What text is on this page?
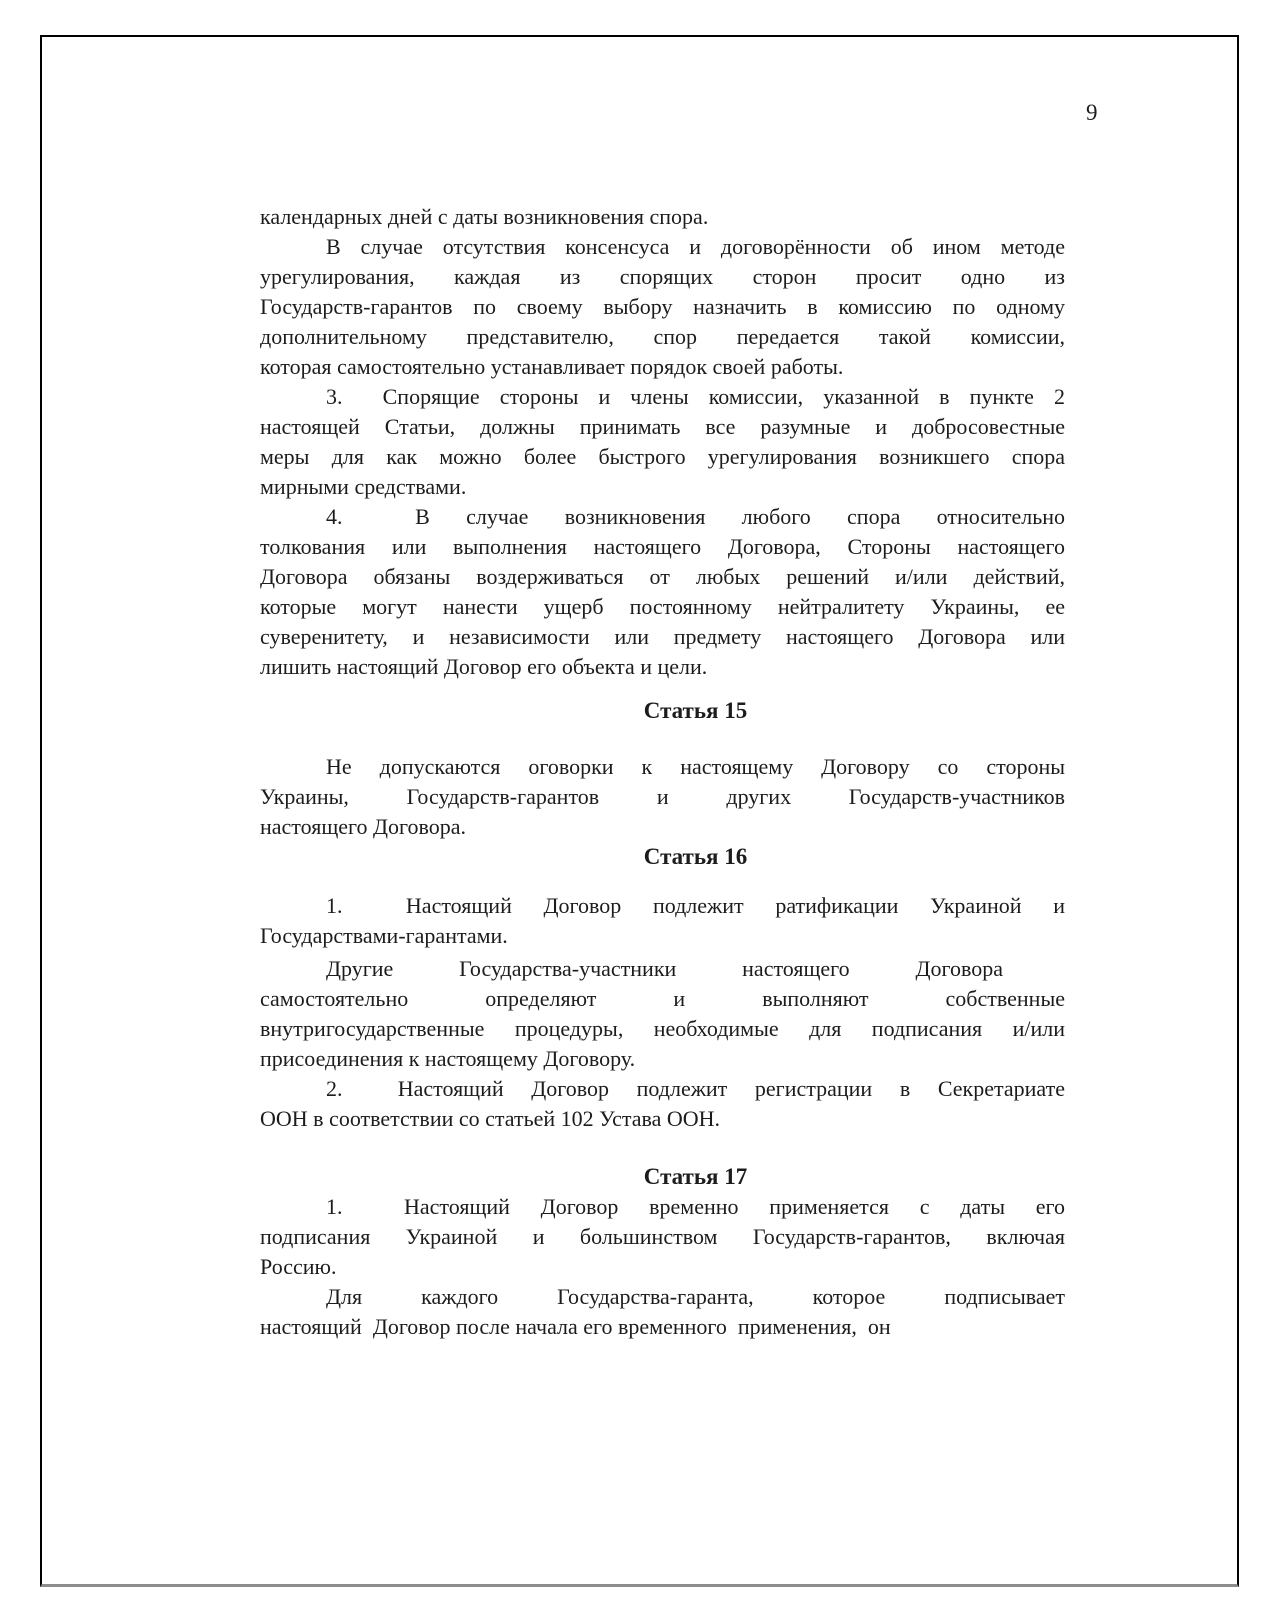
9
календарных дней с даты возникновения спора.
В случае отсутствия консенсуса и договорённости об ином методе
урегулирования, каждая из спорящих сторон просит одно из
Государств-гарантов по своему выбору назначить в комиссию по одному
дополнительному представителю, спор передается такой комиссии,
которая самостоятельно устанавливает порядок своей работы.
3.  Спорящие стороны и члены комиссии, указанной в пункте 2
настоящей Статьи, должны принимать все разумные и добросовестные
меры для как можно более быстрого урегулирования возникшего спора
мирными средствами.
4.  В случае возникновения любого спора относительно
толкования или выполнения настоящего Договора, Стороны настоящего
Договора обязаны воздерживаться от любых решений и/или действий,
которые могут нанести ущерб постоянному нейтралитету Украины, ее
суверенитету, и независимости или предмету настоящего Договора или
лишить настоящий Договор его объекта и цели.
Статья 15
Не допускаются оговорки к настоящему Договору со стороны
Украины, Государств-гарантов и других Государств-участников
настоящего Договора.
Статья 16
1.  Настоящий Договор подлежит ратификации Украиной и
Государствами-гарантами.
Другие Государства-участники настоящего Договора
самостоятельно определяют и выполняют собственные
внутригосударственные процедуры, необходимые для подписания и/или
присоединения к настоящему Договору.
2.  Настоящий Договор подлежит регистрации в Секретариате
ООН в соответствии со статьей 102 Устава ООН.
Статья 17
1.  Настоящий Договор временно применяется с даты его
подписания Украиной и большинством Государств-гарантов, включая
Россию.
Для каждого Государства-гаранта, которое подписывает
настоящий  Договор после начала его временного  применения,  он
